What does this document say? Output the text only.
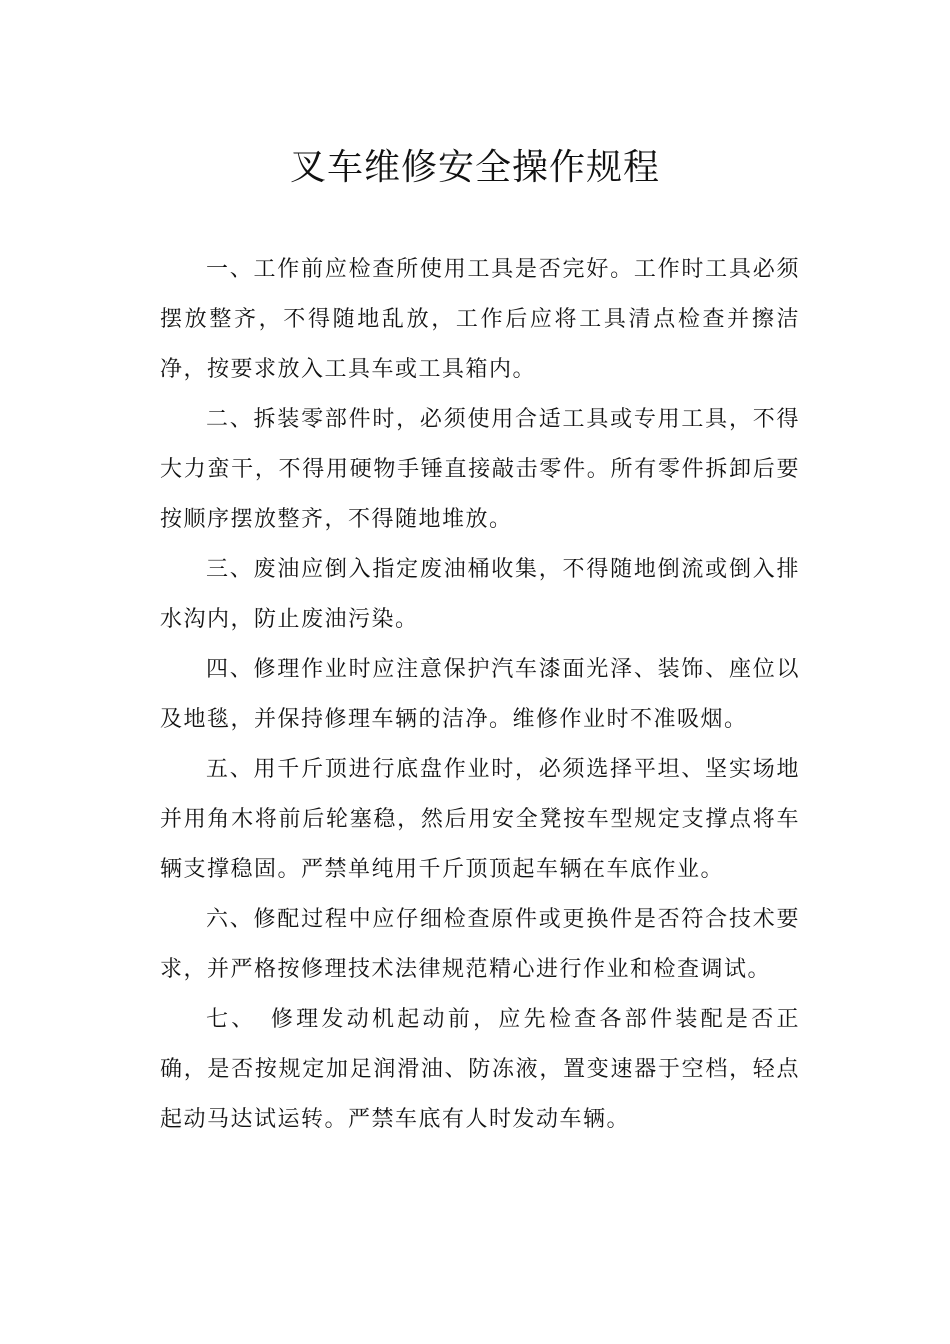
叉车维修安全操作规程

一、工作前应检查所使用工具是否完好。工作时工具必须摆放整齐，不得随地乱放，工作后应将工具清点检查并擦洁净，按要求放入工具车或工具箱内。

二、拆装零部件时，必须使用合适工具或专用工具，不得大力蛮干，不得用硬物手锤直接敲击零件。所有零件拆卸后要按顺序摆放整齐，不得随地堆放。

三、废油应倒入指定废油桶收集，不得随地倒流或倒入排水沟内，防止废油污染。

四、修理作业时应注意保护汽车漆面光泽、装饰、座位以及地毯，并保持修理车辆的洁净。维修作业时不准吸烟。

五、用千斤顶进行底盘作业时，必须选择平坦、坚实场地并用角木将前后轮塞稳，然后用安全凳按车型规定支撑点将车辆支撑稳固。严禁单纯用千斤顶顶起车辆在车底作业。

六、修配过程中应仔细检查原件或更换件是否符合技术要求，并严格按修理技术法律规范精心进行作业和检查调试。

七、　修理发动机起动前，应先检查各部件装配是否正确，是否按规定加足润滑油、防冻液，置变速器于空档，轻点起动马达试运转。严禁车底有人时发动车辆。
